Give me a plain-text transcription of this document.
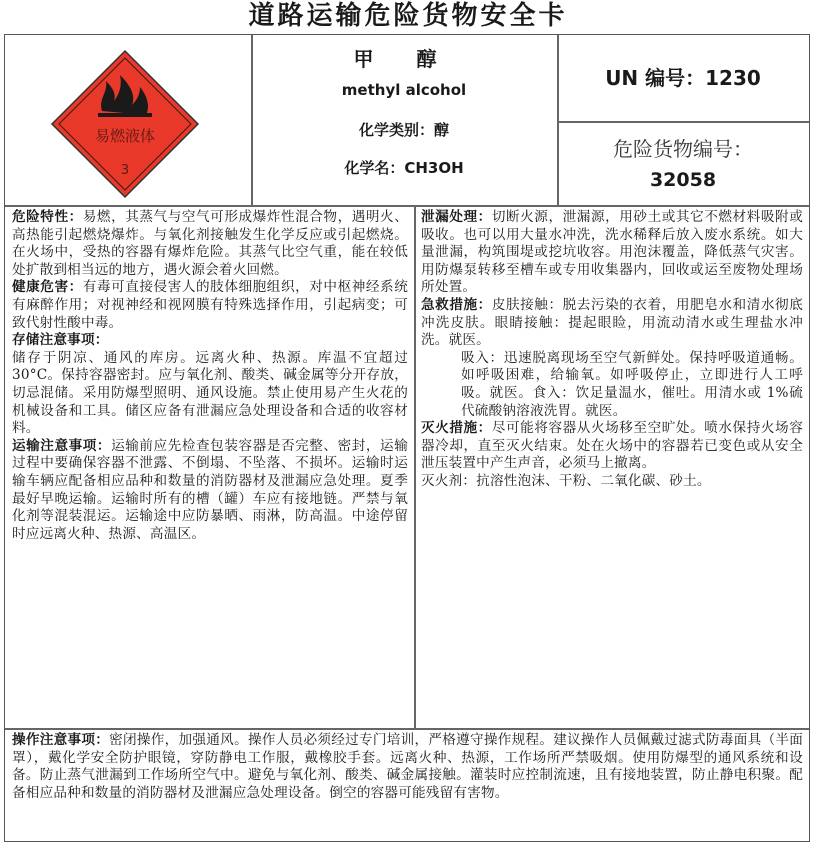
道路运输危险货物安全卡
易燃液体
3
甲 醇
methyl alcohol
化学类别：醇
化学名：CH3OH
UN 编号：1230
危险货物编号：
32058

危险特性：易燃，其蒸气与空气可形成爆炸性混合物，遇明火、高热能引起燃烧爆炸。与氧化剂接触发生化学反应或引起燃烧。在火场中，受热的容器有爆炸危险。其蒸气比空气重，能在较低处扩散到相当远的地方，遇火源会着火回燃。

健康危害：有毒可直接侵害人的肢体细胞组织，对中枢神经系统有麻醉作用；对视神经和视网膜有特殊选择作用，引起病变；可致代射性酸中毒。

存储注意事项：
储存于阴凉、通风的库房。远离火种、热源。库温不宜超过 30°C。保持容器密封。应与氧化剂、酸类、碱金属等分开存放，切忌混储。采用防爆型照明、通风设施。禁止使用易产生火花的机械设备和工具。储区应备有泄漏应急处理设备和合适的收容材料。

运输注意事项：运输前应先检查包装容器是否完整、密封，运输过程中要确保容器不泄露、不倒塌、不坠落、不损坏。运输时运输车辆应配备相应品种和数量的消防器材及泄漏应急处理。夏季最好早晚运输。运输时所有的槽（罐）车应有接地链。严禁与氧化剂等混装混运。运输途中应防暴晒、雨淋，防高温。中途停留时应远离火种、热源、高温区。

泄漏处理：切断火源，泄漏源，用砂土或其它不燃材料吸附或吸收。也可以用大量水冲洗，洗水稀释后放入废水系统。如大量泄漏，构筑围堤或挖坑收容。用泡沫覆盖，降低蒸气灾害。用防爆泵转移至槽车或专用收集器内，回收或运至废物处理场所处置。

急救措施：皮肤接触：脱去污染的衣着，用肥皂水和清水彻底冲洗皮肤。眼睛接触：提起眼睑，用流动清水或生理盐水冲洗。就医。

吸入：迅速脱离现场至空气新鲜处。保持呼吸道通畅。如呼吸困难，给输氧。如呼吸停止，立即进行人工呼吸。就医。食入：饮足量温水，催吐。用清水或 1%硫代硫酸钠溶液洗胃。就医。

灭火措施：尽可能将容器从火场移至空旷处。喷水保持火场容器冷却，直至灭火结束。处在火场中的容器若已变色或从安全泄压装置中产生声音，必须马上撤离。

灭火剂：抗溶性泡沫、干粉、二氧化碳、砂土。

操作注意事项：密闭操作，加强通风。操作人员必须经过专门培训，严格遵守操作规程。建议操作人员佩戴过滤式防毒面具（半面罩），戴化学安全防护眼镜，穿防静电工作服，戴橡胶手套。远离火种、热源，工作场所严禁吸烟。使用防爆型的通风系统和设备。防止蒸气泄漏到工作场所空气中。避免与氧化剂、酸类、碱金属接触。灌装时应控制流速，且有接地装置，防止静电积聚。配备相应品种和数量的消防器材及泄漏应急处理设备。倒空的容器可能残留有害物。
